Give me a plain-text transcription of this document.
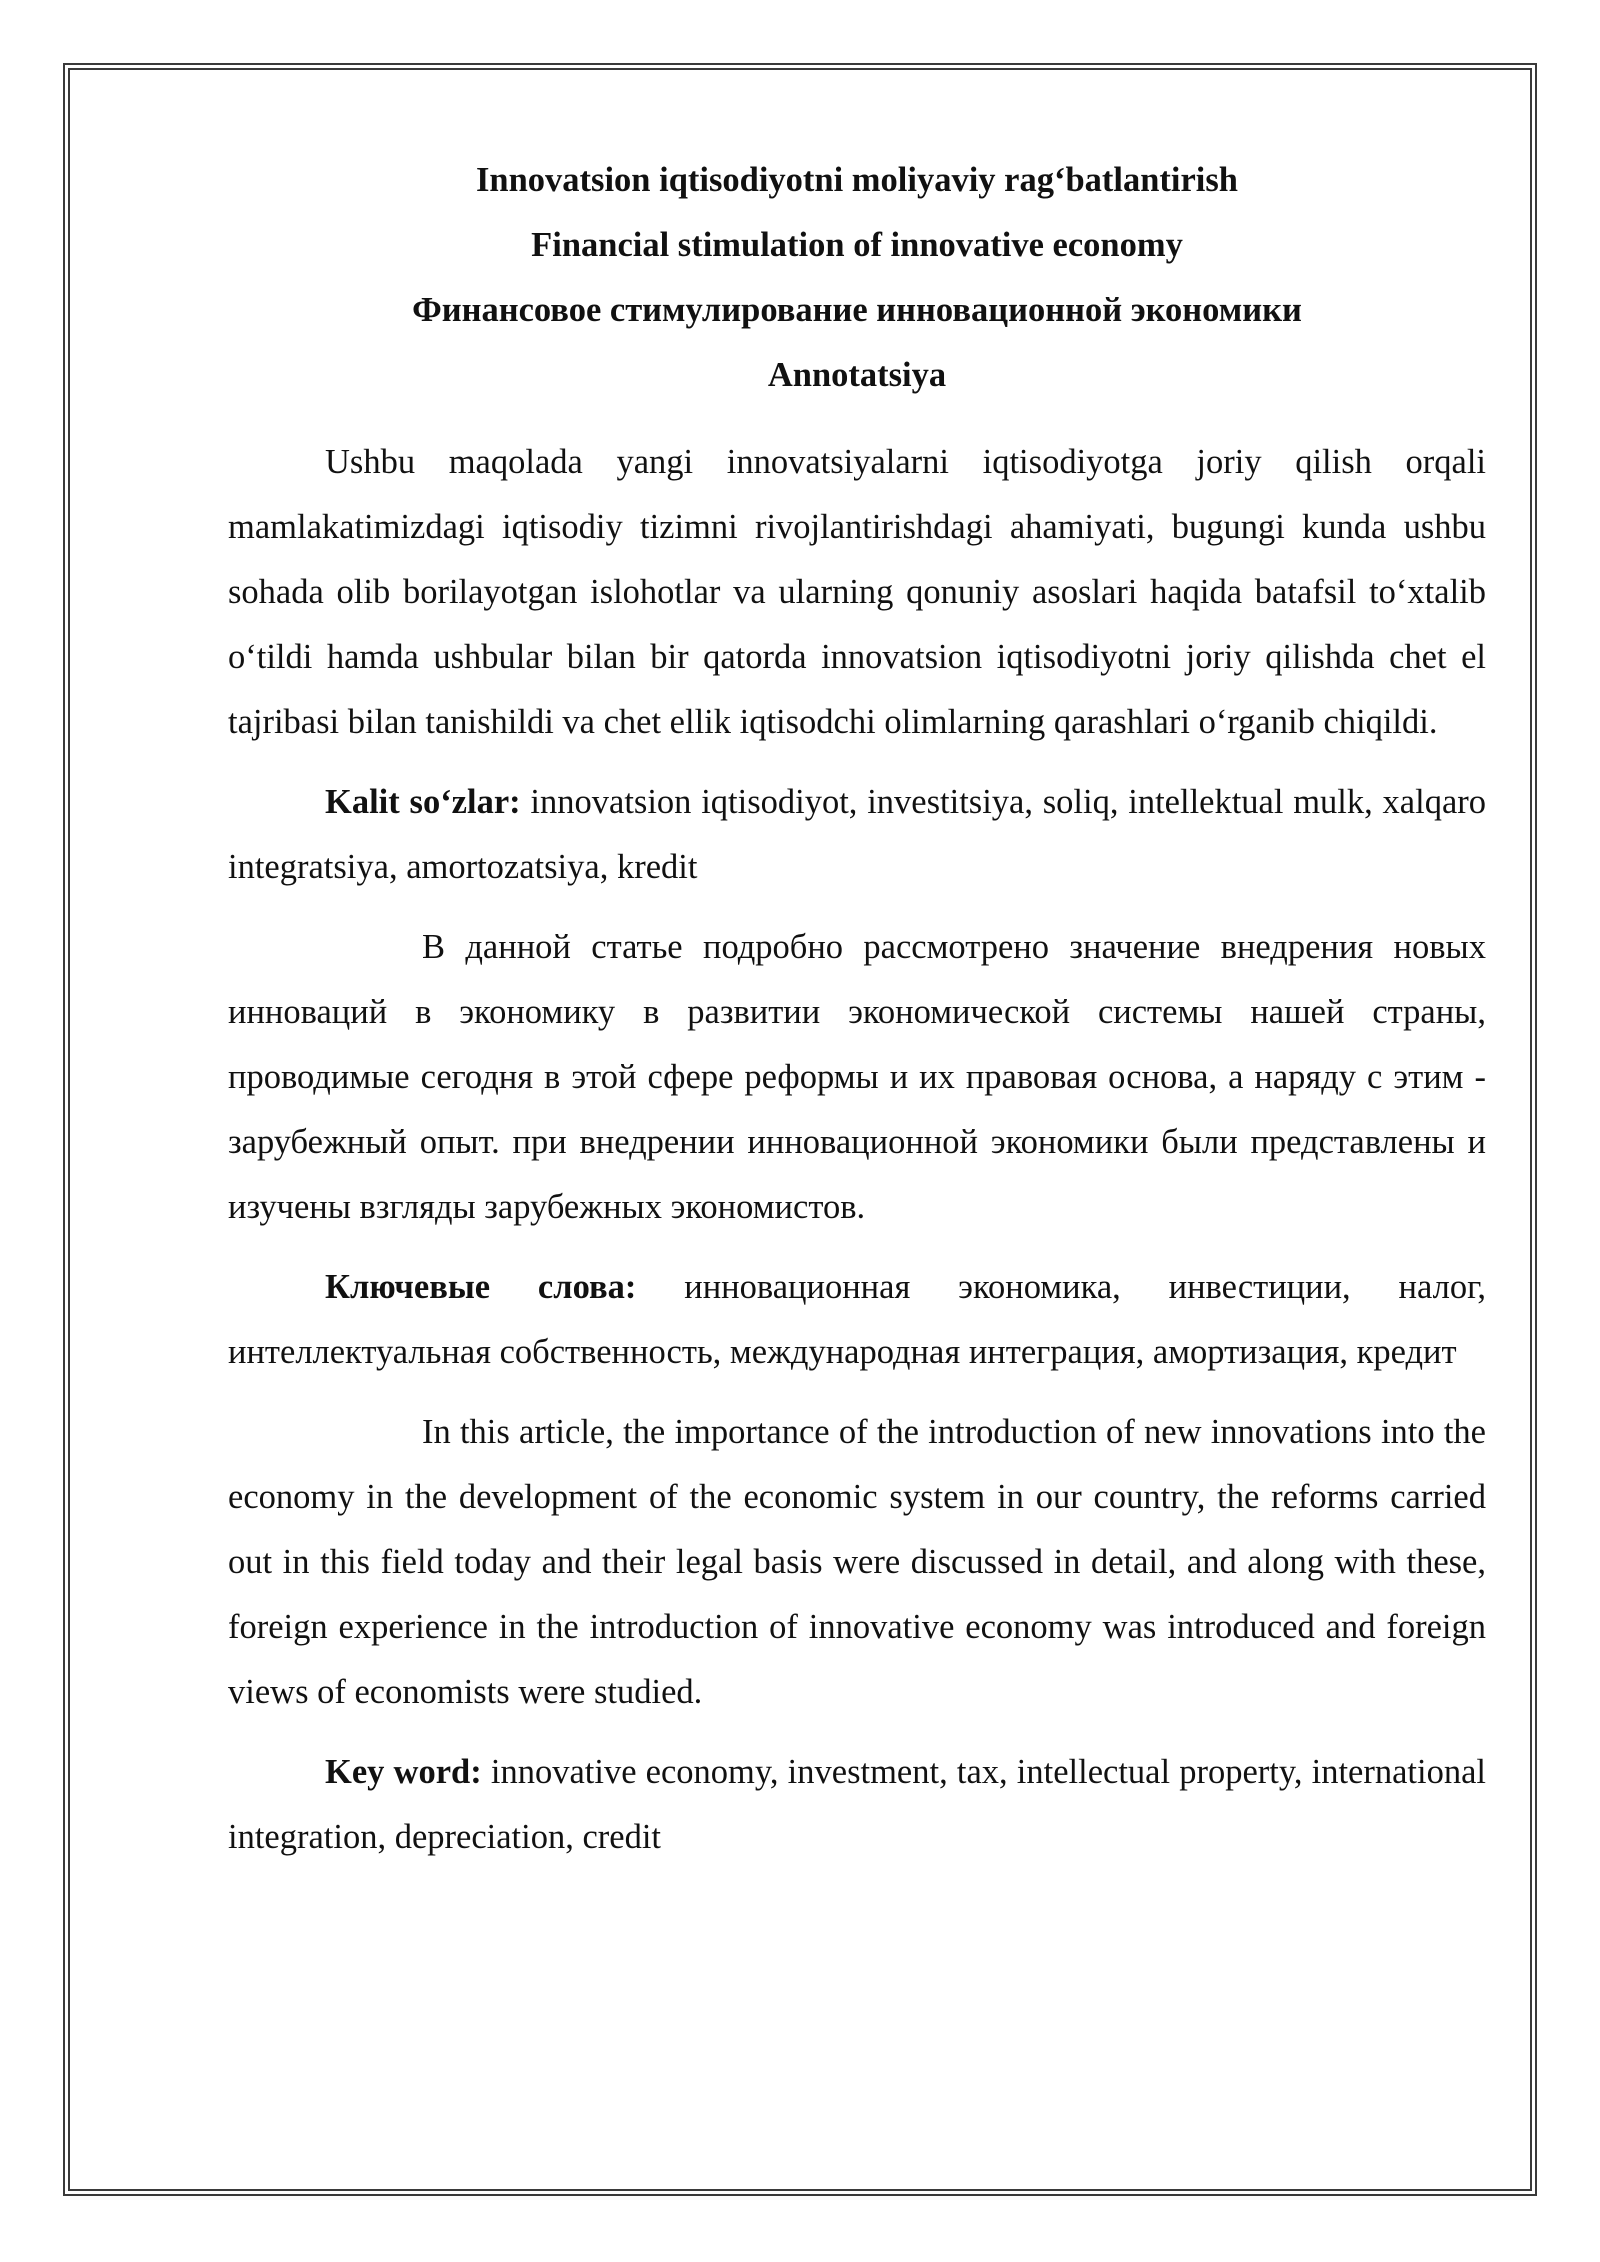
Innovatsion iqtisodiyotni moliyaviy rag‘batlantirish

Financial stimulation of innovative economy

Финансовое стимулирование инновационной экономики

Annotatsiya

Ushbu maqolada yangi innovatsiyalarni iqtisodiyotga joriy qilish orqali mamlakatimizdagi iqtisodiy tizimni rivojlantirishdagi ahamiyati, bugungi kunda ushbu sohada olib borilayotgan islohotlar va ularning qonuniy asoslari haqida batafsil to‘xtalib o‘tildi hamda ushbular bilan bir qatorda innovatsion iqtisodiyotni joriy qilishda chet el tajribasi bilan tanishildi va chet ellik iqtisodchi olimlarning qarashlari o‘rganib chiqildi.

Kalit so‘zlar: innovatsion iqtisodiyot, investitsiya, soliq, intellektual mulk, xalqaro integratsiya, amortozatsiya, kredit

В данной статье подробно рассмотрено значение внедрения новых инноваций в экономику в развитии экономической системы нашей страны, проводимые сегодня в этой сфере реформы и их правовая основа, а наряду с этим - зарубежный опыт. при внедрении инновационной экономики были представлены и изучены взгляды зарубежных экономистов.

Ключевые слова: инновационная экономика, инвестиции, налог, интеллектуальная собственность, международная интеграция, амортизация, кредит

In this article, the importance of the introduction of new innovations into the economy in the development of the economic system in our country, the reforms carried out in this field today and their legal basis were discussed in detail, and along with these, foreign experience in the introduction of innovative economy was introduced and foreign views of economists were studied.

Key word: innovative economy, investment, tax, intellectual property, international integration, depreciation, credit
